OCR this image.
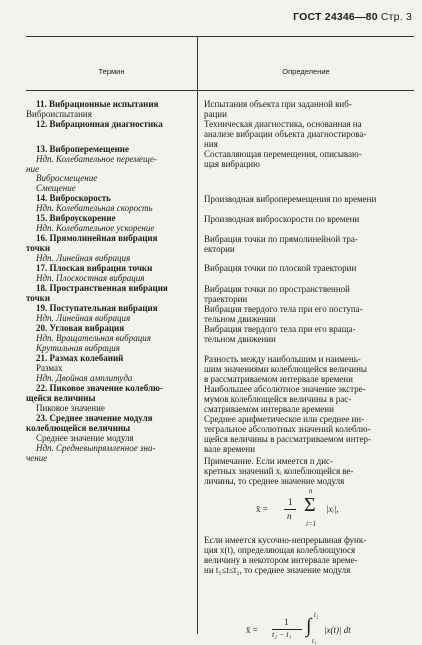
ГОСТ 24346—80 Стр. 3
Термин	Определение
11. Вибрационные испытания
Виброиспытания
12. Вибрационная диагностика
13. Виброперемещение
Ндп. Колебательное перемеще-
ние
Вибросмещение
Смещение
14. Виброскорость
Ндп. Колебательная скорость
15. Виброускорение
Ндп. Колебательное ускорение
16. Прямолинейная вибрация
точки
Ндп. Линейная вибрация
17. Плоская вибрация точки
Ндп. Плоскостная вибрация
18. Пространственная вибрация
точки
19. Поступательная вибрация
Ндп. Линейная вибрация
20. Угловая вибрация
Ндп. Вращательная вибрация
Крутильная вибрация
21. Размах колебаний
Размах
Ндп. Двойная амплитуда
22. Пиковое значение колеблю-
щейся величины
Пиковое значение
23. Среднее значение модуля
колеблющейся величины
Среднее значение модуля
Ндп. Средневыпрямленное зна-
чение
Испытания объекта при заданной виб-
рации
Техническая диагностика, основанная на
анализе вибрации объекта диагностирова-
ния
Составляющая перемещения, описываю-
щая вибрацию
Производная виброперемещения по времени
Производная виброскорости по времени
Вибрация точки по прямолинейной тра-
ектории
Вибрация точки по плоской траектории
Вибрация точки по пространственной
траектории
Вибрация твердого тела при его поступа-
тельном движении
Вибрация твердого тела при его враща-
тельном движении
Разность между наибольшим и наимень-
шим значениями колеблющейся величины
в рассматриваемом интервале времени
Наибольшее абсолютное значение экстре-
мумов колеблющейся величины в рас-
сматриваемом интервале времени
Среднее арифметическое или среднее ин-
тегральное абсолютных значений колеблю-
щейся величины в рассматриваемом интер-
вале времени
Примечание. Если имеется n дис-
кретных значений xᵢ колеблющейся ве-
личины, то среднее значение модуля
Если имеется кусочно-непрерывная функ-
ция x(t), определяющая колеблющуюся
величину в некотором интервале време-
ни t₁≤t≤t₂, то среднее значение модуля
x̄ =
1
n
n
Σ
i=1
|xᵢ|,
x̄ =
1
t₂ − t₁
t₂
∫
t₁
|x(t)| dt
